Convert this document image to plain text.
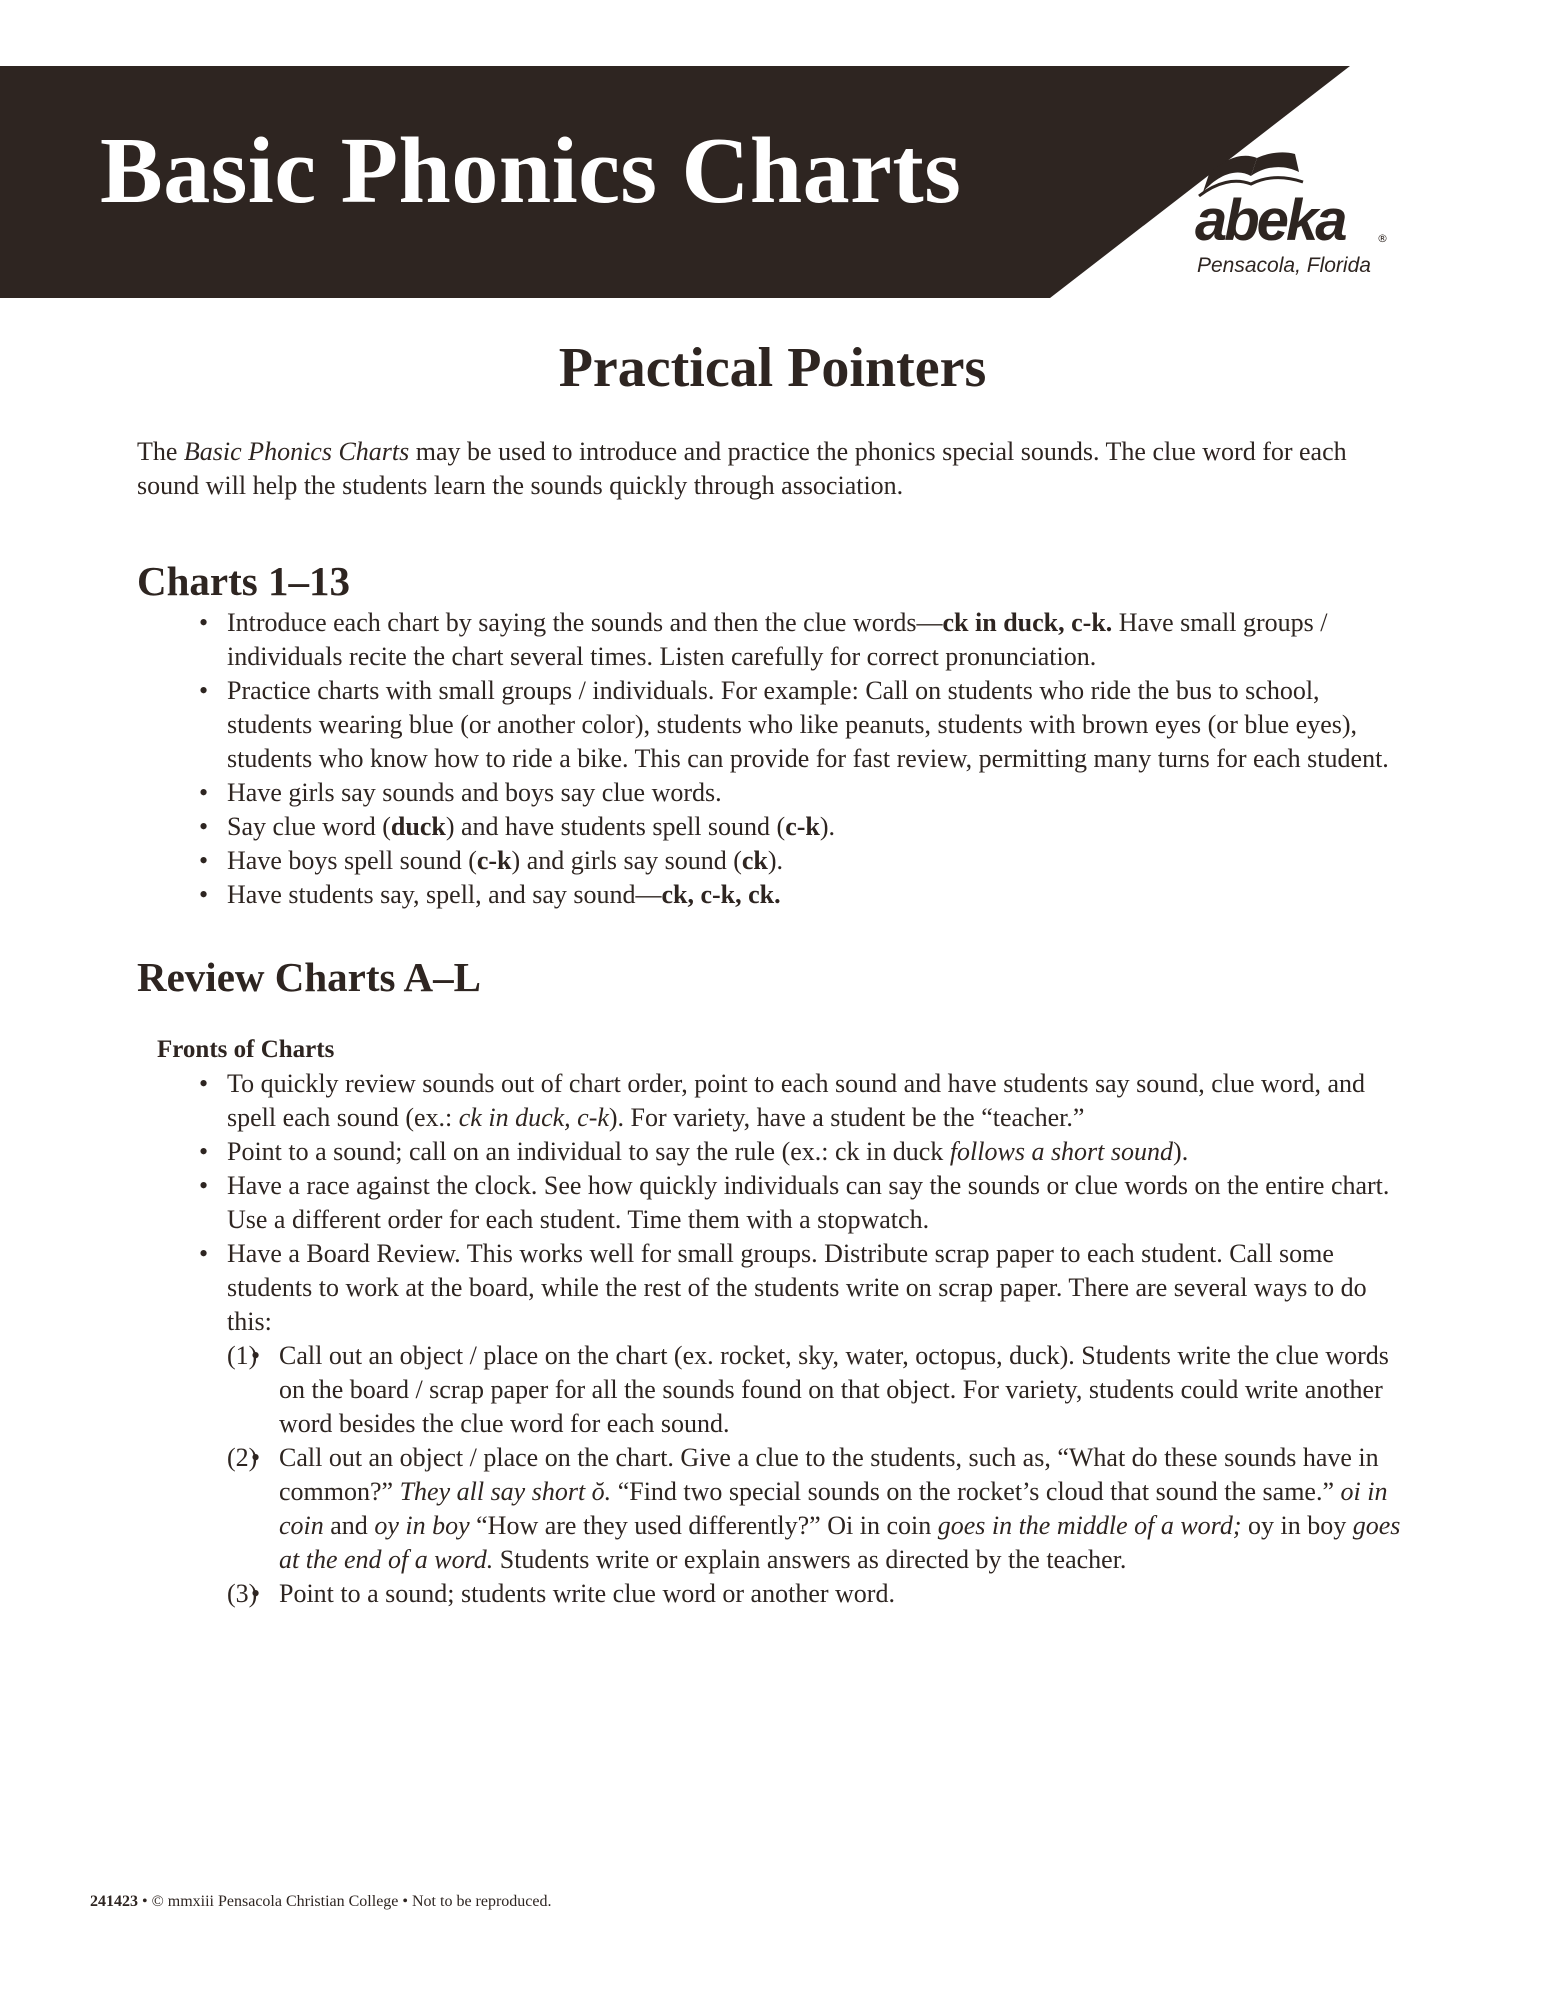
Basic Phonics Charts	abeka	®
Pensacola, Florida
Practical Pointers

The Basic Phonics Charts may be used to introduce and practice the phonics special sounds. The clue word for each sound will help the students learn the sounds quickly through association.

Charts 1–13
• Introduce each chart by saying the sounds and then the clue words—ck in duck, c-k. Have small groups / individuals recite the chart several times. Listen carefully for correct pronunciation.
• Practice charts with small groups / individuals. For example: Call on students who ride the bus to school, students wearing blue (or another color), students who like peanuts, students with brown eyes (or blue eyes), students who know how to ride a bike. This can provide for fast review, permitting many turns for each student.
• Have girls say sounds and boys say clue words.
• Say clue word (duck) and have students spell sound (c-k).
• Have boys spell sound (c-k) and girls say sound (ck).
• Have students say, spell, and say sound—ck, c-k, ck.
Review Charts A–L
Fronts of Charts
• To quickly review sounds out of chart order, point to each sound and have students say sound, clue word, and spell each sound (ex.: ck in duck, c-k). For variety, have a student be the “teacher.”
• Point to a sound; call on an individual to say the rule (ex.: ck in duck follows a short sound).
• Have a race against the clock. See how quickly individuals can say the sounds or clue words on the entire chart. Use a different order for each student. Time them with a stopwatch.
• Have a Board Review. This works well for small groups. Distribute scrap paper to each student. Call some students to work at the board, while the rest of the students write on scrap paper. There are several ways to do this:
• (1) Call out an object / place on the chart (ex. rocket, sky, water, octopus, duck). Students write the clue words on the board / scrap paper for all the sounds found on that object. For variety, students could write another word besides the clue word for each sound.
• (2) Call out an object / place on the chart. Give a clue to the students, such as, “What do these sounds have in common?” They all say short ŏ. “Find two special sounds on the rocket’s cloud that sound the same.” oi in coin and oy in boy “How are they used differently?” Oi in coin goes in the middle of a word; oy in boy goes at the end of a word. Students write or explain answers as directed by the teacher.
• (3) Point to a sound; students write clue word or another word.
241423 • © mmxiii Pensacola Christian College • Not to be reproduced.
